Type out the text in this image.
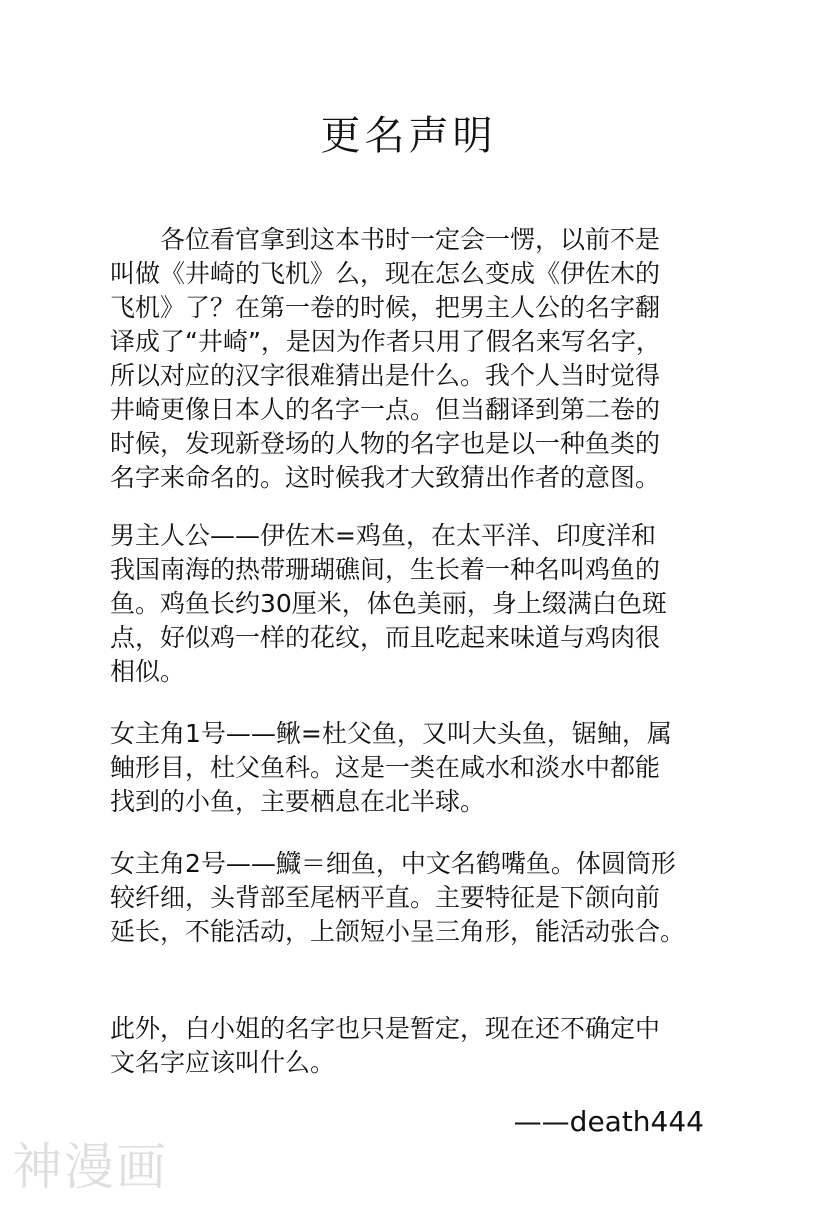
更名声明
各位看官拿到这本书时一定会一愣，以前不是
叫做《井崎的飞机》么，现在怎么变成《伊佐木的
飞机》了？在第一卷的时候，把男主人公的名字翻
译成了“井崎”，是因为作者只用了假名来写名字，
所以对应的汉字很难猜出是什么。我个人当时觉得
井崎更像日本人的名字一点。但当翻译到第二卷的
时候，发现新登场的人物的名字也是以一种鱼类的
名字来命名的。这时候我才大致猜出作者的意图。
男主人公——伊佐木=鸡鱼，在太平洋、印度洋和
我国南海的热带珊瑚礁间，生长着一种名叫鸡鱼的
鱼。鸡鱼长约30厘米，体色美丽，身上缀满白色斑
点，好似鸡一样的花纹，而且吃起来味道与鸡肉很
相似。
女主角1号——鳅=杜父鱼，又叫大头鱼，锯鲉，属
鲉形目，杜父鱼科。这是一类在咸水和淡水中都能
找到的小鱼，主要栖息在北半球。
女主角2号——鱵＝细鱼，中文名鹤嘴鱼。体圆筒形
较纤细，头背部至尾柄平直。主要特征是下颌向前
延长，不能活动，上颌短小呈三角形，能活动张合。
此外，白小姐的名字也只是暂定，现在还不确定中
文名字应该叫什么。
——death444
神漫画
